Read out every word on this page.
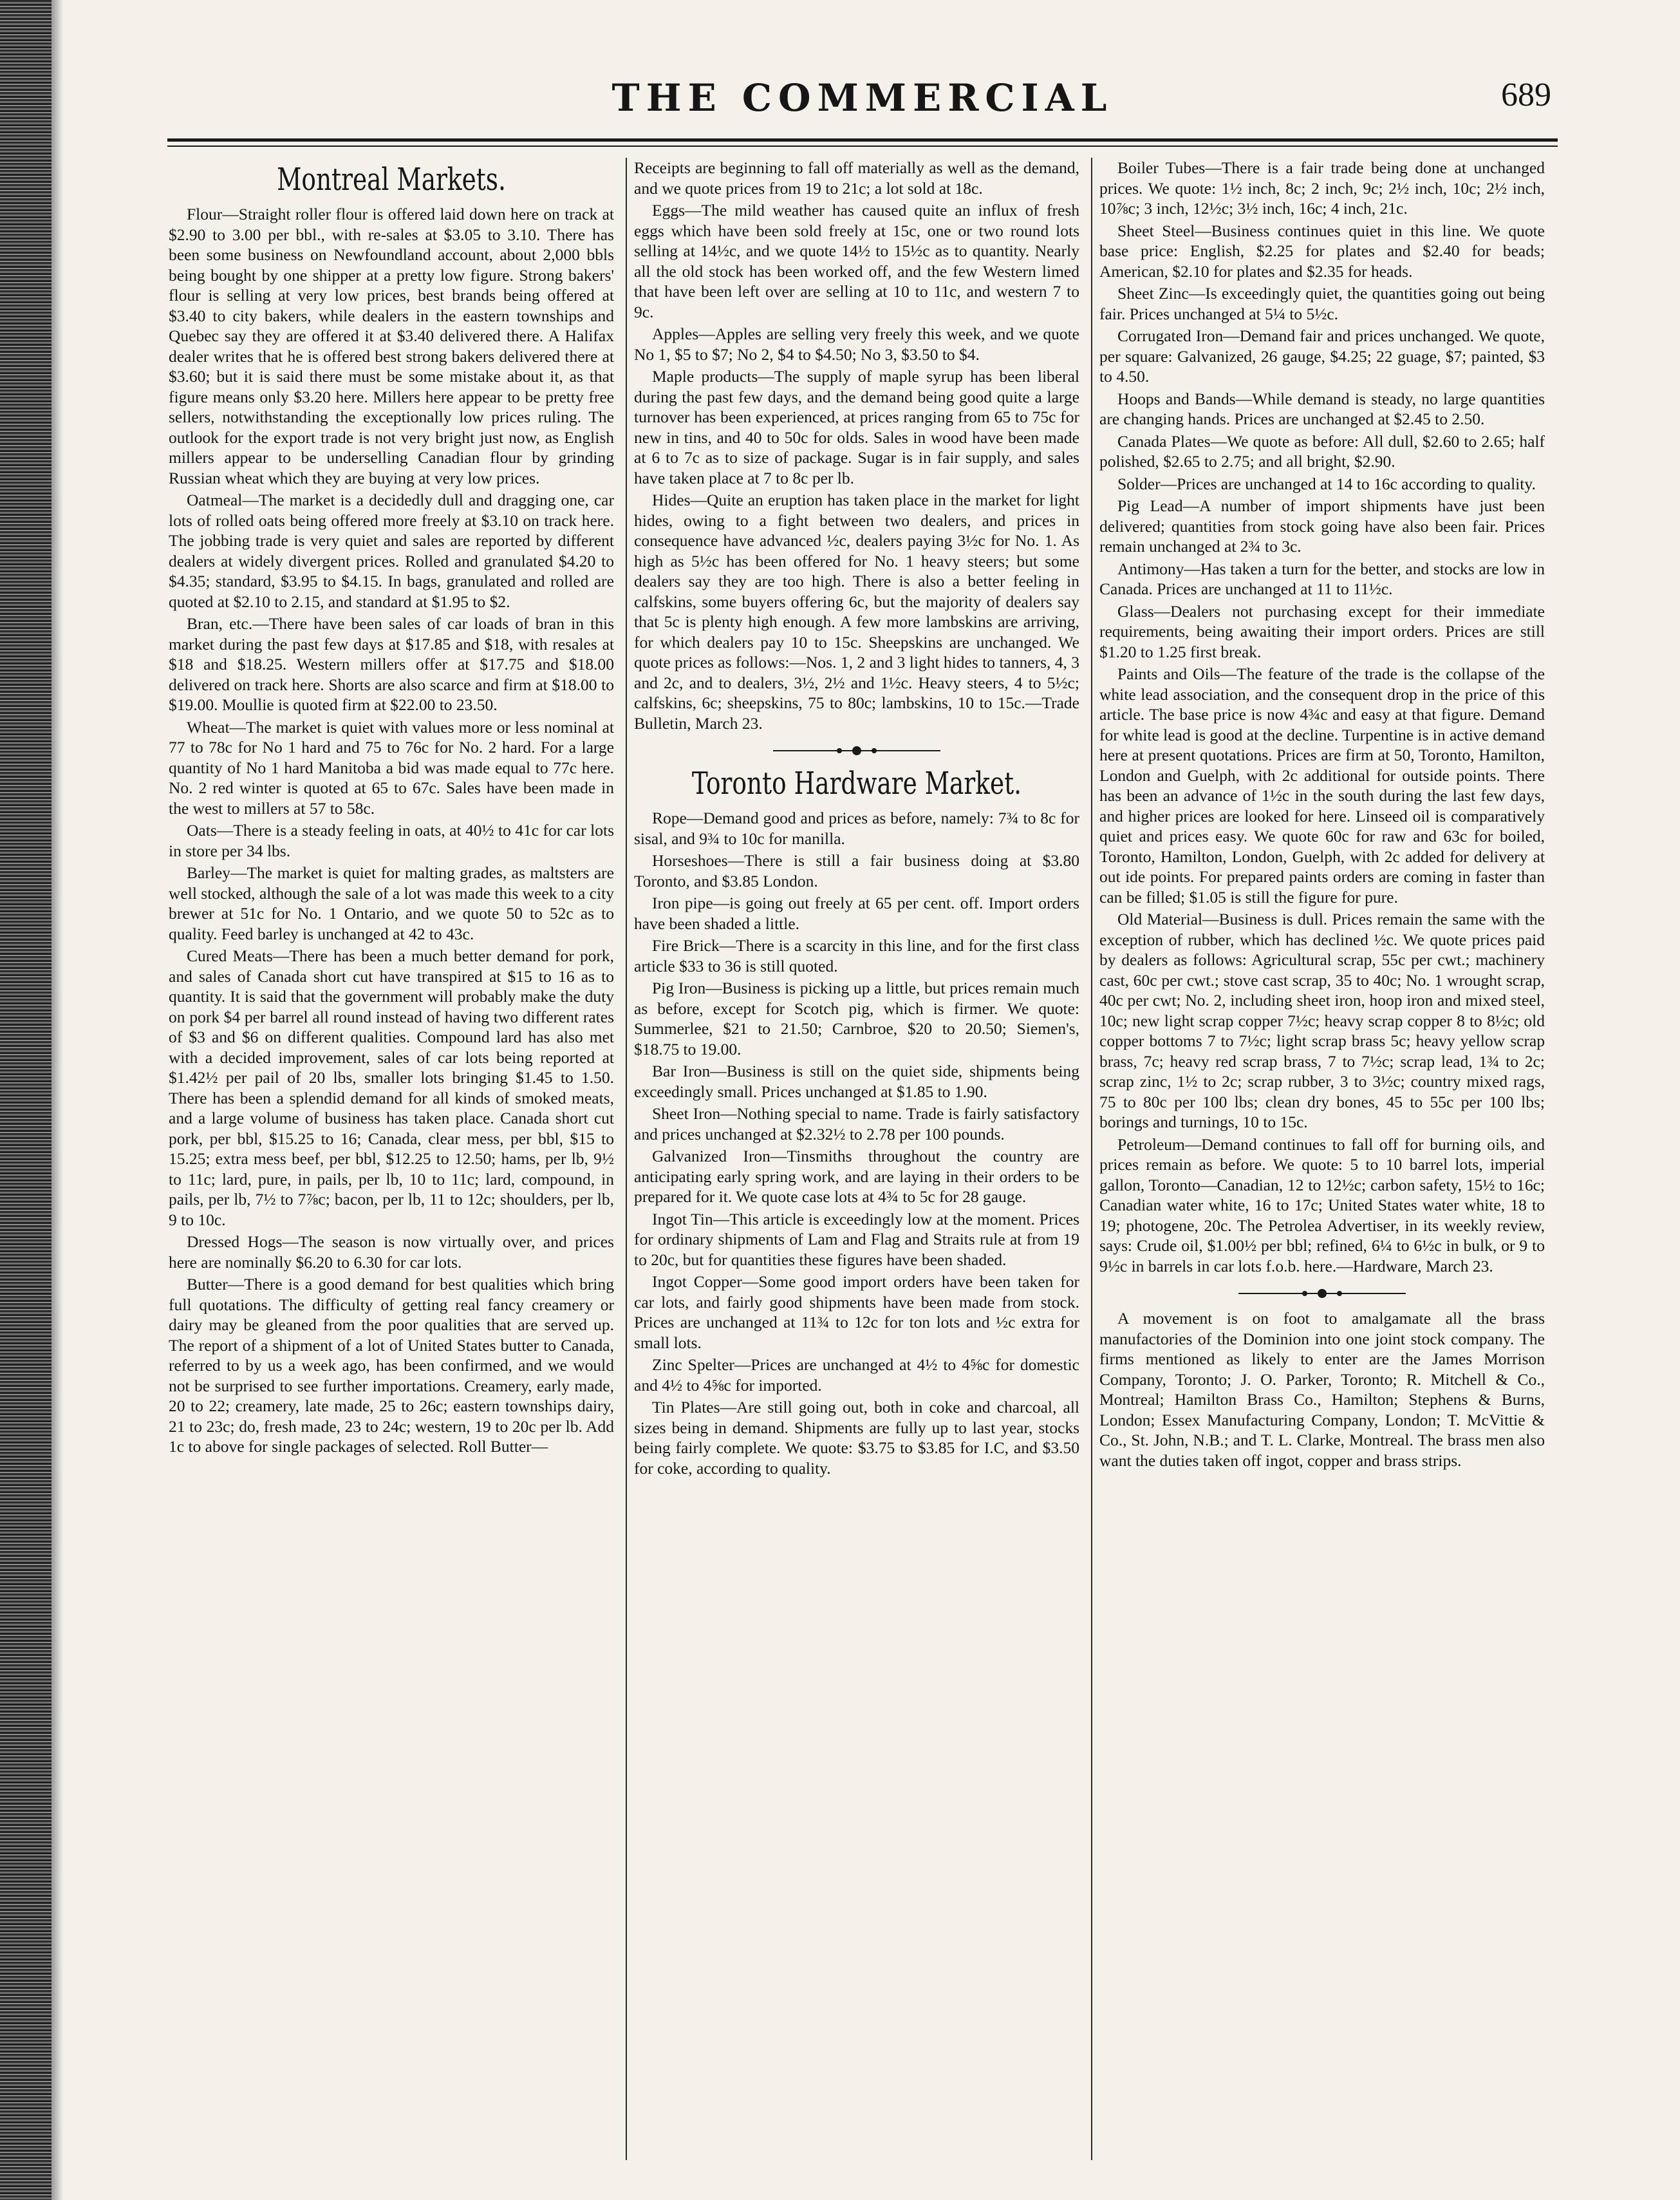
THE COMMERCIAL	689
Montreal Markets.

Flour—Straight roller flour is offered laid down here on track at $2.90 to 3.00 per bbl., with re-sales at $3.05 to 3.10. There has been some business on Newfoundland account, about 2,000 bbls being bought by one shipper at a pretty low figure. Strong bakers' flour is selling at very low prices, best brands being offered at $3.40 to city bakers, while dealers in the eastern townships and Quebec say they are offered it at $3.40 delivered there. A Halifax dealer writes that he is offered best strong bakers delivered there at $3.60; but it is said there must be some mistake about it, as that figure means only $3.20 here. Millers here appear to be pretty free sellers, notwithstanding the exceptionally low prices ruling. The outlook for the export trade is not very bright just now, as English millers appear to be underselling Canadian flour by grinding Russian wheat which they are buying at very low prices.

Oatmeal—The market is a decidedly dull and dragging one, car lots of rolled oats being offered more freely at $3.10 on track here. The jobbing trade is very quiet and sales are reported by different dealers at widely divergent prices. Rolled and granulated $4.20 to $4.35; standard, $3.95 to $4.15. In bags, granulated and rolled are quoted at $2.10 to 2.15, and standard at $1.95 to $2.

Bran, etc.—There have been sales of car loads of bran in this market during the past few days at $17.85 and $18, with resales at $18 and $18.25. Western millers offer at $17.75 and $18.00 delivered on track here. Shorts are also scarce and firm at $18.00 to $19.00. Moullie is quoted firm at $22.00 to 23.50.

Wheat—The market is quiet with values more or less nominal at 77 to 78c for No 1 hard and 75 to 76c for No. 2 hard. For a large quantity of No 1 hard Manitoba a bid was made equal to 77c here. No. 2 red winter is quoted at 65 to 67c. Sales have been made in the west to millers at 57 to 58c.

Oats—There is a steady feeling in oats, at 40½ to 41c for car lots in store per 34 lbs.

Barley—The market is quiet for malting grades, as maltsters are well stocked, although the sale of a lot was made this week to a city brewer at 51c for No. 1 Ontario, and we quote 50 to 52c as to quality. Feed barley is unchanged at 42 to 43c.

Cured Meats—There has been a much better demand for pork, and sales of Canada short cut have transpired at $15 to 16 as to quantity. It is said that the government will probably make the duty on pork $4 per barrel all round instead of having two different rates of $3 and $6 on different qualities. Compound lard has also met with a decided improvement, sales of car lots being reported at $1.42½ per pail of 20 lbs, smaller lots bringing $1.45 to 1.50. There has been a splendid demand for all kinds of smoked meats, and a large volume of business has taken place. Canada short cut pork, per bbl, $15.25 to 16; Canada, clear mess, per bbl, $15 to 15.25; extra mess beef, per bbl, $12.25 to 12.50; hams, per lb, 9½ to 11c; lard, pure, in pails, per lb, 10 to 11c; lard, compound, in pails, per lb, 7½ to 7⅞c; bacon, per lb, 11 to 12c; shoulders, per lb, 9 to 10c.

Dressed Hogs—The season is now virtually over, and prices here are nominally $6.20 to 6.30 for car lots.

Butter—There is a good demand for best qualities which bring full quotations. The difficulty of getting real fancy creamery or dairy may be gleaned from the poor qualities that are served up. The report of a shipment of a lot of United States butter to Canada, referred to by us a week ago, has been confirmed, and we would not be surprised to see further importations. Creamery, early made, 20 to 22; creamery, late made, 25 to 26c; eastern townships dairy, 21 to 23c; do, fresh made, 23 to 24c; western, 19 to 20c per lb. Add 1c to above for single packages of selected. Roll Butter—

Receipts are beginning to fall off materially as well as the demand, and we quote prices from 19 to 21c; a lot sold at 18c.

Eggs—The mild weather has caused quite an influx of fresh eggs which have been sold freely at 15c, one or two round lots selling at 14½c, and we quote 14½ to 15½c as to quantity. Nearly all the old stock has been worked off, and the few Western limed that have been left over are selling at 10 to 11c, and western 7 to 9c.

Apples—Apples are selling very freely this week, and we quote No 1, $5 to $7; No 2, $4 to $4.50; No 3, $3.50 to $4.

Maple products—The supply of maple syrup has been liberal during the past few days, and the demand being good quite a large turnover has been experienced, at prices ranging from 65 to 75c for new in tins, and 40 to 50c for olds. Sales in wood have been made at 6 to 7c as to size of package. Sugar is in fair supply, and sales have taken place at 7 to 8c per lb.

Hides—Quite an eruption has taken place in the market for light hides, owing to a fight between two dealers, and prices in consequence have advanced ½c, dealers paying 3½c for No. 1. As high as 5½c has been offered for No. 1 heavy steers; but some dealers say they are too high. There is also a better feeling in calfskins, some buyers offering 6c, but the majority of dealers say that 5c is plenty high enough. A few more lambskins are arriving, for which dealers pay 10 to 15c. Sheepskins are unchanged. We quote prices as follows:—Nos. 1, 2 and 3 light hides to tanners, 4, 3 and 2c, and to dealers, 3½, 2½ and 1½c. Heavy steers, 4 to 5½c; calfskins, 6c; sheepskins, 75 to 80c; lambskins, 10 to 15c.—Trade Bulletin, March 23.

Toronto Hardware Market.

Rope—Demand good and prices as before, namely: 7¾ to 8c for sisal, and 9¾ to 10c for manilla.

Horseshoes—There is still a fair business doing at $3.80 Toronto, and $3.85 London.

Iron pipe—is going out freely at 65 per cent. off. Import orders have been shaded a little.

Fire Brick—There is a scarcity in this line, and for the first class article $33 to 36 is still quoted.

Pig Iron—Business is picking up a little, but prices remain much as before, except for Scotch pig, which is firmer. We quote: Summerlee, $21 to 21.50; Carnbroe, $20 to 20.50; Siemen's, $18.75 to 19.00.

Bar Iron—Business is still on the quiet side, shipments being exceedingly small. Prices unchanged at $1.85 to 1.90.

Sheet Iron—Nothing special to name. Trade is fairly satisfactory and prices unchanged at $2.32½ to 2.78 per 100 pounds.

Galvanized Iron—Tinsmiths throughout the country are anticipating early spring work, and are laying in their orders to be prepared for it. We quote case lots at 4¾ to 5c for 28 gauge.

Ingot Tin—This article is exceedingly low at the moment. Prices for ordinary shipments of Lam and Flag and Straits rule at from 19 to 20c, but for quantities these figures have been shaded.

Ingot Copper—Some good import orders have been taken for car lots, and fairly good shipments have been made from stock. Prices are unchanged at 11¾ to 12c for ton lots and ½c extra for small lots.

Zinc Spelter—Prices are unchanged at 4½ to 4⅝c for domestic and 4½ to 4⅝c for imported.

Tin Plates—Are still going out, both in coke and charcoal, all sizes being in demand. Shipments are fully up to last year, stocks being fairly complete. We quote: $3.75 to $3.85 for I.C, and $3.50 for coke, according to quality.

Boiler Tubes—There is a fair trade being done at unchanged prices. We quote: 1½ inch, 8c; 2 inch, 9c; 2½ inch, 10c; 2½ inch, 10⅞c; 3 inch, 12½c; 3½ inch, 16c; 4 inch, 21c.

Sheet Steel—Business continues quiet in this line. We quote base price: English, $2.25 for plates and $2.40 for beads; American, $2.10 for plates and $2.35 for heads.

Sheet Zinc—Is exceedingly quiet, the quantities going out being fair. Prices unchanged at 5¼ to 5½c.

Corrugated Iron—Demand fair and prices unchanged. We quote, per square: Galvanized, 26 gauge, $4.25; 22 guage, $7; painted, $3 to 4.50.

Hoops and Bands—While demand is steady, no large quantities are changing hands. Prices are unchanged at $2.45 to 2.50.

Canada Plates—We quote as before: All dull, $2.60 to 2.65; half polished, $2.65 to 2.75; and all bright, $2.90.

Solder—Prices are unchanged at 14 to 16c according to quality.

Pig Lead—A number of import shipments have just been delivered; quantities from stock going have also been fair. Prices remain unchanged at 2¾ to 3c.

Antimony—Has taken a turn for the better, and stocks are low in Canada. Prices are unchanged at 11 to 11½c.

Glass—Dealers not purchasing except for their immediate requirements, being awaiting their import orders. Prices are still $1.20 to 1.25 first break.

Paints and Oils—The feature of the trade is the collapse of the white lead association, and the consequent drop in the price of this article. The base price is now 4¾c and easy at that figure. Demand for white lead is good at the decline. Turpentine is in active demand here at present quotations. Prices are firm at 50, Toronto, Hamilton, London and Guelph, with 2c additional for outside points. There has been an advance of 1½c in the south during the last few days, and higher prices are looked for here. Linseed oil is comparatively quiet and prices easy. We quote 60c for raw and 63c for boiled, Toronto, Hamilton, London, Guelph, with 2c added for delivery at out ide points. For prepared paints orders are coming in faster than can be filled; $1.05 is still the figure for pure.

Old Material—Business is dull. Prices remain the same with the exception of rubber, which has declined ½c. We quote prices paid by dealers as follows: Agricultural scrap, 55c per cwt.; machinery cast, 60c per cwt.; stove cast scrap, 35 to 40c; No. 1 wrought scrap, 40c per cwt; No. 2, including sheet iron, hoop iron and mixed steel, 10c; new light scrap copper 7½c; heavy scrap copper 8 to 8½c; old copper bottoms 7 to 7½c; light scrap brass 5c; heavy yellow scrap brass, 7c; heavy red scrap brass, 7 to 7½c; scrap lead, 1¾ to 2c; scrap zinc, 1½ to 2c; scrap rubber, 3 to 3½c; country mixed rags, 75 to 80c per 100 lbs; clean dry bones, 45 to 55c per 100 lbs; borings and turnings, 10 to 15c.

Petroleum—Demand continues to fall off for burning oils, and prices remain as before. We quote: 5 to 10 barrel lots, imperial gallon, Toronto—Canadian, 12 to 12½c; carbon safety, 15½ to 16c; Canadian water white, 16 to 17c; United States water white, 18 to 19; photogene, 20c. The Petrolea Advertiser, in its weekly review, says: Crude oil, $1.00½ per bbl; refined, 6¼ to 6½c in bulk, or 9 to 9½c in barrels in car lots f.o.b. here.—Hardware, March 23.

A movement is on foot to amalgamate all the brass manufactories of the Dominion into one joint stock company. The firms mentioned as likely to enter are the James Morrison Company, Toronto; J. O. Parker, Toronto; R. Mitchell & Co., Montreal; Hamilton Brass Co., Hamilton; Stephens & Burns, London; Essex Manufacturing Company, London; T. McVittie & Co., St. John, N.B.; and T. L. Clarke, Montreal. The brass men also want the duties taken off ingot, copper and brass strips.
